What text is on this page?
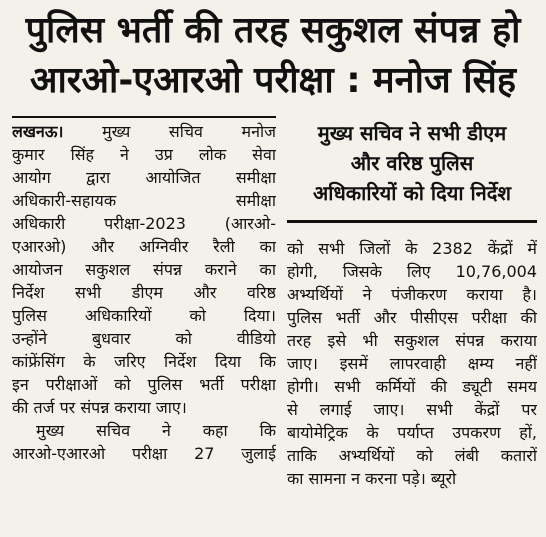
पुलिस भर्ती की तरह सकुशल संपन्न हो
आरओ-एआरओ परीक्षा : मनोज सिंह
लखनऊ। मुख्य सचिव मनोज
कुमार सिंह ने उप्र लोक सेवा
आयोग द्वारा आयोजित समीक्षा
अधिकारी-सहायक समीक्षा
अधिकारी परीक्षा-2023 (आरओ-
एआरओ) और अग्निवीर रैली का
आयोजन सकुशल संपन्न कराने का
निर्देश सभी डीएम और वरिष्ठ
पुलिस अधिकारियों को दिया।
उन्होंने बुधवार को वीडियो
कांफ्रेंसिंग के जरिए निर्देश दिया कि
इन परीक्षाओं को पुलिस भर्ती परीक्षा
की तर्ज पर संपन्न कराया जाए।
मुख्य सचिव ने कहा कि
आरओ-एआरओ परीक्षा 27 जुलाई
मुख्य सचिव ने सभी डीएम
और वरिष्ठ पुलिस
अधिकारियों को दिया निर्देश
को सभी जिलों के 2382 केंद्रों में
होगी, जिसके लिए 10,76,004
अभ्यर्थियों ने पंजीकरण कराया है।
पुलिस भर्ती और पीसीएस परीक्षा की
तरह इसे भी सकुशल संपन्न कराया
जाए। इसमें लापरवाही क्षम्य नहीं
होगी। सभी कर्मियों की ड्यूटी समय
से लगाई जाए। सभी केंद्रों पर
बायोमेट्रिक के पर्याप्त उपकरण हों,
ताकि अभ्यर्थियों को लंबी कतारों
का सामना न करना पड़े। ब्यूरो
